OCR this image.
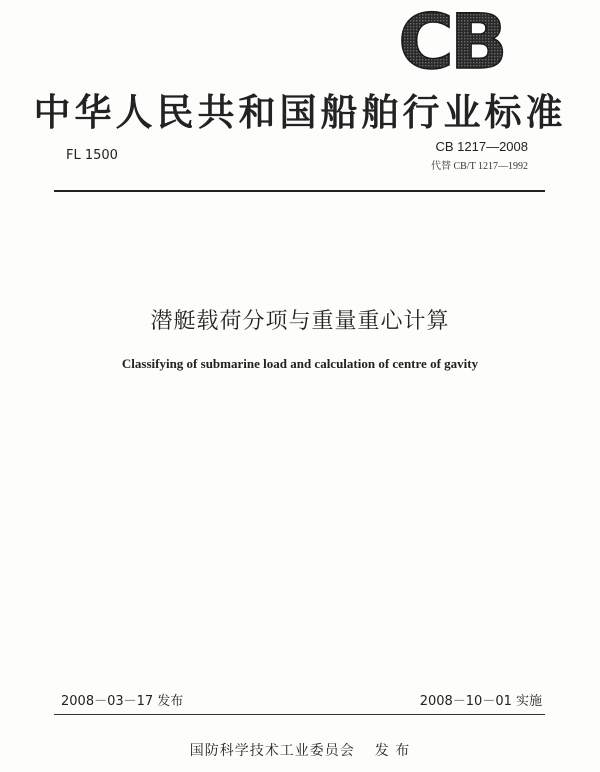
CB
中华人民共和国船舶行业标准
FL 1500
CB 1217—2008
代替 CB/T 1217—1992
潜艇载荷分项与重量重心计算
Classifying of submarine load and calculation of centre of gavity
2008－03－17 发布	2008－10－01 实施
国防科学技术工业委员会 发 布
